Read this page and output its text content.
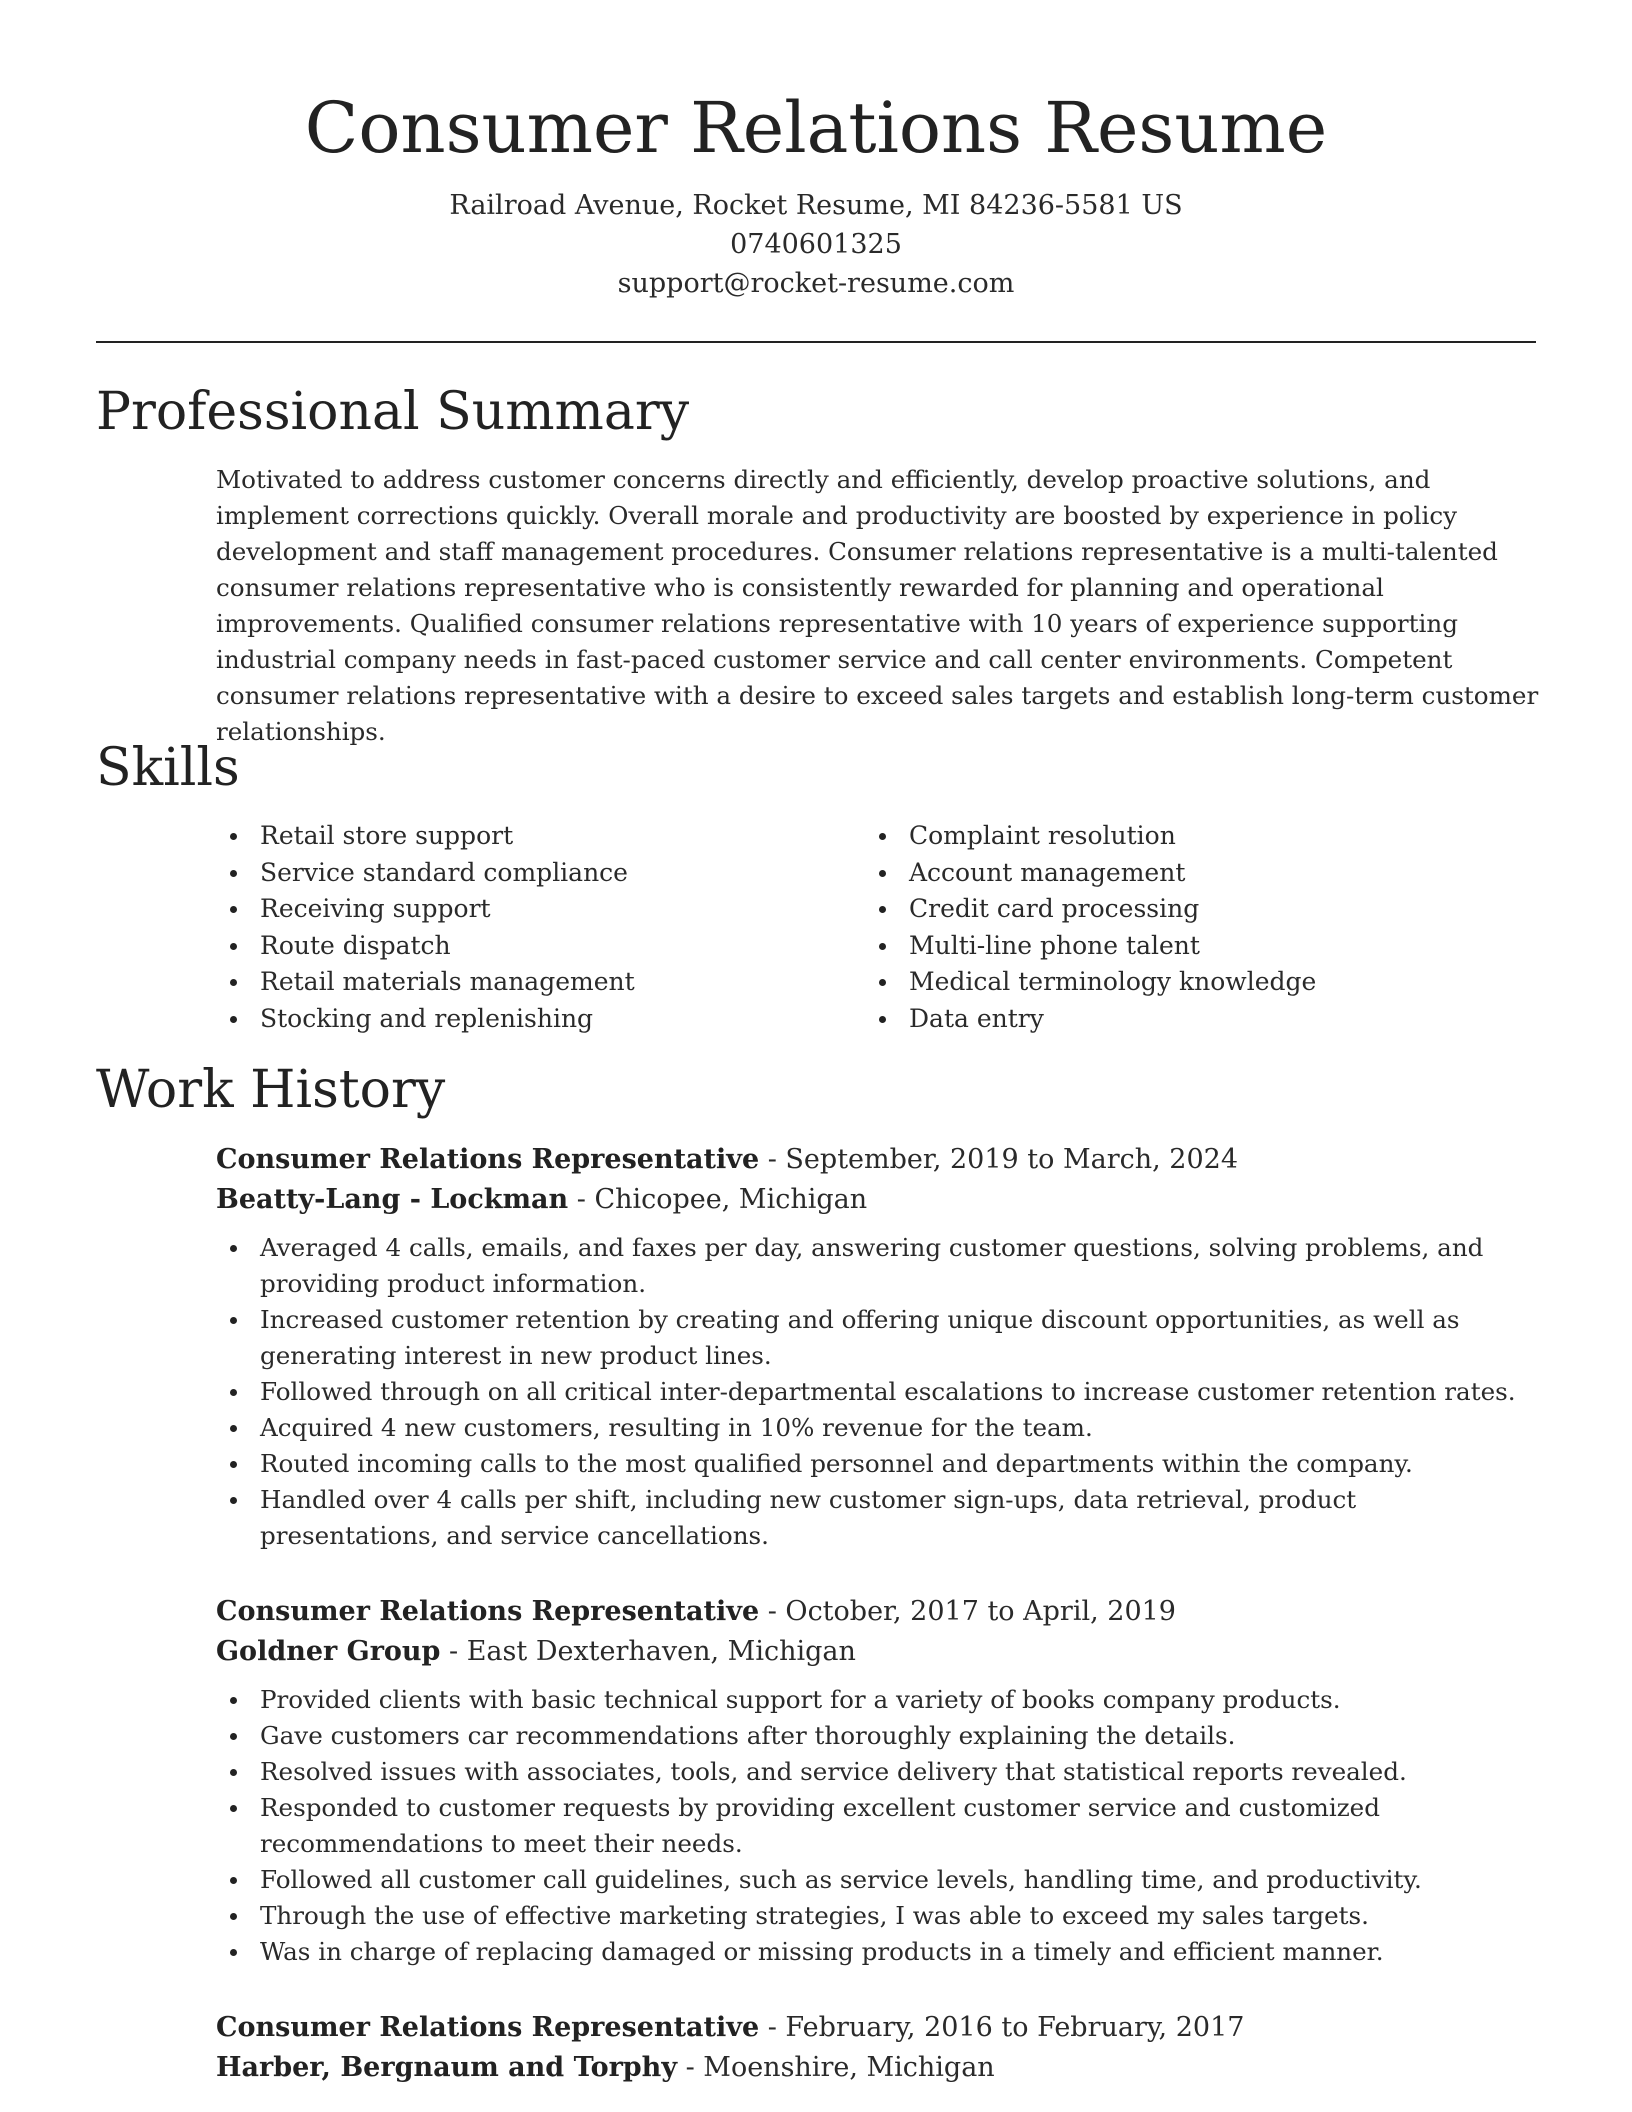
Consumer Relations Resume
Railroad Avenue, Rocket Resume, MI 84236-5581 US
0740601325
support@rocket-resume.com
Professional Summary

Motivated to address customer concerns directly and efficiently, develop proactive solutions, and implement corrections quickly. Overall morale and productivity are boosted by experience in policy development and staff management procedures. Consumer relations representative is a multi-talented consumer relations representative who is consistently rewarded for planning and operational improvements. Qualified consumer relations representative with 10 years of experience supporting industrial company needs in fast-paced customer service and call center environments. Competent consumer relations representative with a desire to exceed sales targets and establish long-term customer relationships.

Skills
Retail store support
Service standard compliance
Receiving support
Route dispatch
Retail materials management
Stocking and replenishing
Complaint resolution
Account management
Credit card processing
Multi-line phone talent
Medical terminology knowledge
Data entry
Work History
Consumer Relations Representative - September, 2019 to March, 2024
Beatty-Lang - Lockman - Chicopee, Michigan
Averaged 4 calls, emails, and faxes per day, answering customer questions, solving problems, and providing product information.
Increased customer retention by creating and offering unique discount opportunities, as well as generating interest in new product lines.
Followed through on all critical inter-departmental escalations to increase customer retention rates.
Acquired 4 new customers, resulting in 10% revenue for the team.
Routed incoming calls to the most qualified personnel and departments within the company.
Handled over 4 calls per shift, including new customer sign-ups, data retrieval, product presentations, and service cancellations.
Consumer Relations Representative - October, 2017 to April, 2019
Goldner Group - East Dexterhaven, Michigan
Provided clients with basic technical support for a variety of books company products.
Gave customers car recommendations after thoroughly explaining the details.
Resolved issues with associates, tools, and service delivery that statistical reports revealed.
Responded to customer requests by providing excellent customer service and customized recommendations to meet their needs.
Followed all customer call guidelines, such as service levels, handling time, and productivity.
Through the use of effective marketing strategies, I was able to exceed my sales targets.
Was in charge of replacing damaged or missing products in a timely and efficient manner.
Consumer Relations Representative - February, 2016 to February, 2017
Harber, Bergnaum and Torphy - Moenshire, Michigan
